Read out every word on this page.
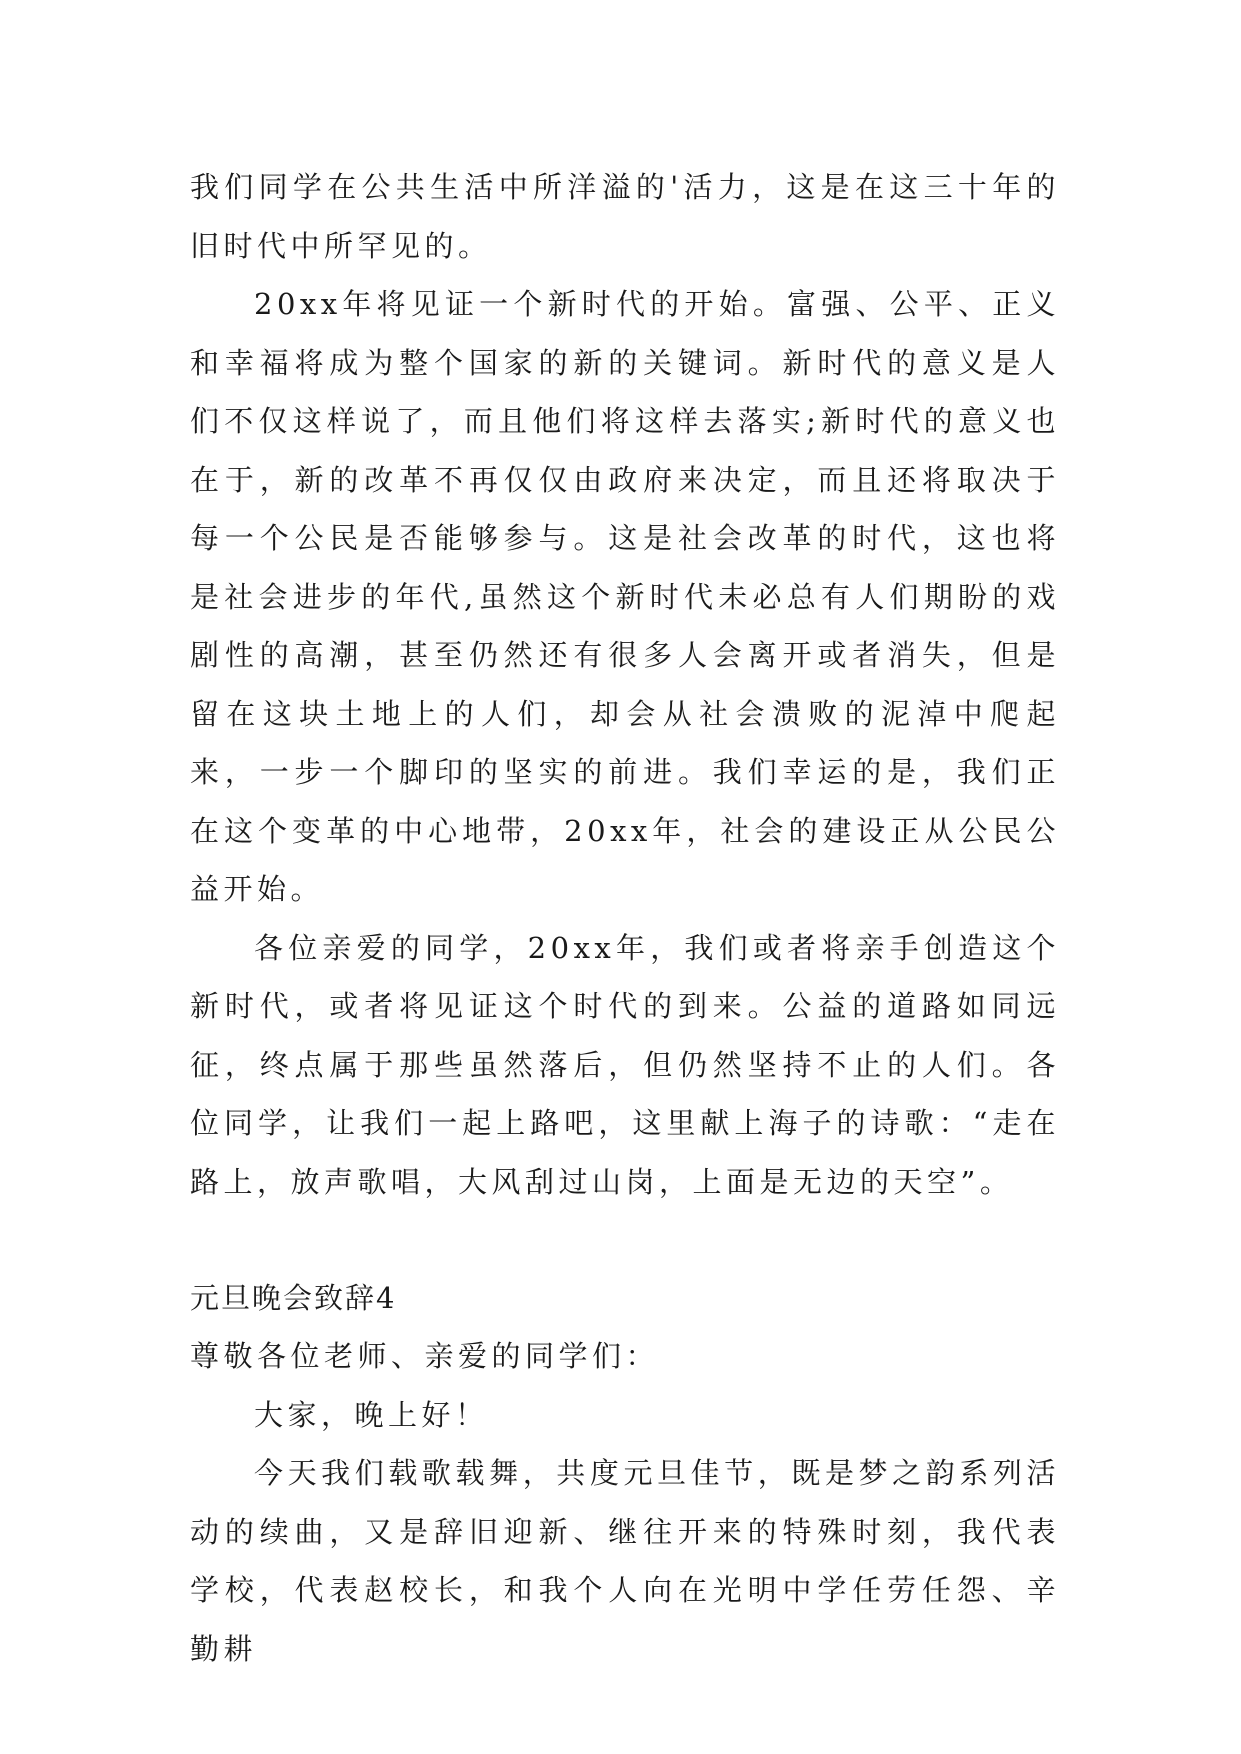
我们同学在公共生活中所洋溢的'活力，这是在这三十年的旧时代中所罕见的。

20xx年将见证一个新时代的开始。富强、公平、正义和幸福将成为整个国家的新的关键词。新时代的意义是人们不仅这样说了，而且他们将这样去落实;新时代的意义也在于，新的改革不再仅仅由政府来决定，而且还将取决于每一个公民是否能够参与。这是社会改革的时代，这也将是社会进步的年代,虽然这个新时代未必总有人们期盼的戏剧性的高潮，甚至仍然还有很多人会离开或者消失，但是留在这块土地上的人们，却会从社会溃败的泥淖中爬起来，一步一个脚印的坚实的前进。我们幸运的是，我们正在这个变革的中心地带，20xx年，社会的建设正从公民公益开始。

各位亲爱的同学，20xx年，我们或者将亲手创造这个新时代，或者将见证这个时代的到来。公益的道路如同远征，终点属于那些虽然落后，但仍然坚持不止的人们。各位同学，让我们一起上路吧，这里献上海子的诗歌：“走在路上，放声歌唱，大风刮过山岗，上面是无边的天空”。

元旦晚会致辞4

尊敬各位老师、亲爱的同学们：

大家，晚上好！

今天我们载歌载舞，共度元旦佳节，既是梦之韵系列活动的续曲，又是辞旧迎新、继往开来的特殊时刻，我代表学校，代表赵校长，和我个人向在光明中学任劳任怨、辛勤耕
